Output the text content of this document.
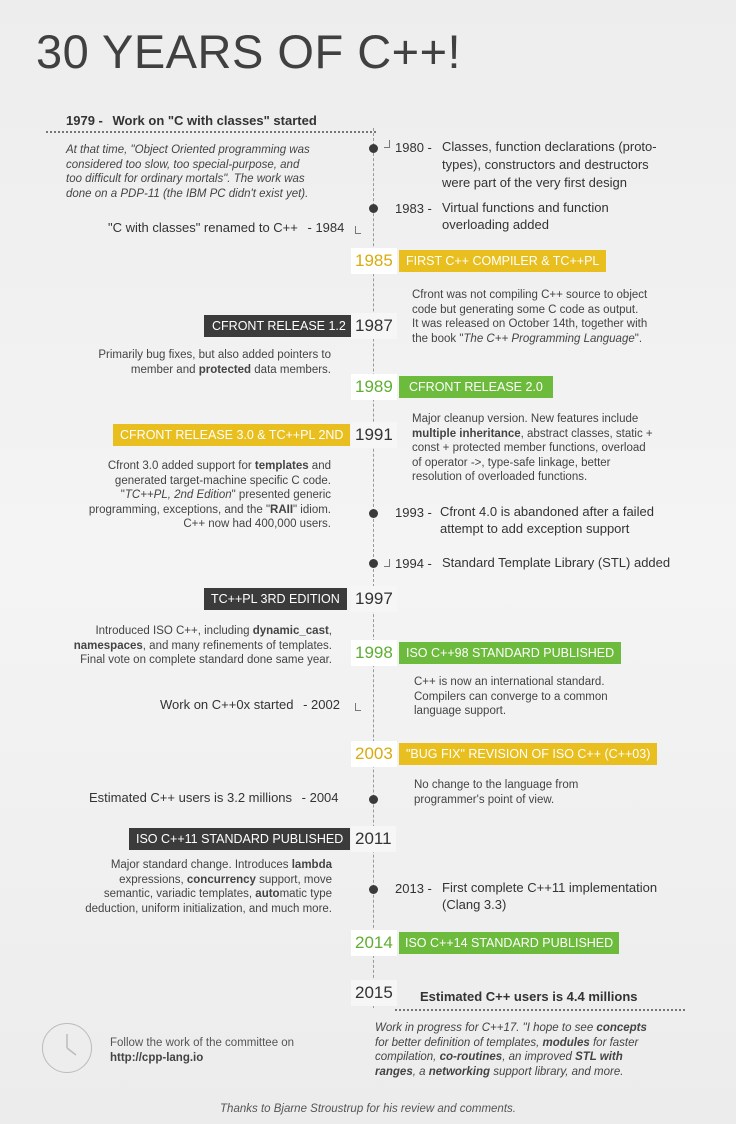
30 YEARS OF C++!
1979 - Work on "C with classes" started
At that time, "Object Oriented programming was
considered too slow, too special-purpose, and
too difficult for ordinary mortals". The work was
done on a PDP-11 (the IBM PC didn't exist yet).
1980 - Classes, function declarations (proto-
types), constructors and destructors
were part of the very first design
1983 - Virtual functions and function
overloading added
"C with classes" renamed to C++ - 1984
1985	FIRST C++ COMPILER & TC++PL
Cfront was not compiling C++ source to object
code but generating some C code as output.
It was released on October 14th, together with
the book "The C++ Programming Language".
CFRONT RELEASE 1.2 1987
Primarily bug fixes, but also added pointers to
member and protected data members.
1989	CFRONT RELEASE 2.0
Major cleanup version. New features include
multiple inheritance, abstract classes, static +
const + protected member functions, overload
of operator ->, type-safe linkage, better
resolution of overloaded functions.
CFRONT RELEASE 3.0 & TC++PL 2ND 1991
Cfront 3.0 added support for templates and
generated target-machine specific C code.
"TC++PL, 2nd Edition" presented generic
programming, exceptions, and the "RAII" idiom.
C++ now had 400,000 users.
1993 - Cfront 4.0 is abandoned after a failed
attempt to add exception support
1994 - Standard Template Library (STL) added
TC++PL 3RD EDITION 1997
Introduced ISO C++, including dynamic_cast,
namespaces, and many refinements of templates.
Final vote on complete standard done same year. 1998	ISO C++98 STANDARD PUBLISHED
C++ is now an international standard.
Compilers can converge to a common
language support.
Work on C++0x started - 2002
2003	"BUG FIX" REVISION OF ISO C++ (C++03)
No change to the language from
programmer's point of view.
Estimated C++ users is 3.2 millions - 2004
ISO C++11 STANDARD PUBLISHED 2011
Major standard change. Introduces lambda
expressions, concurrency support, move
semantic, variadic templates, automatic type
deduction, uniform initialization, and much more.
2013 - First complete C++11 implementation
(Clang 3.3)
2014 ISO C++14 STANDARD PUBLISHED
2015	Estimated C++ users is 4.4 millions
Work in progress for C++17. "I hope to see concepts
for better definition of templates, modules for faster
compilation, co-routines, an improved STL with
ranges, a networking support library, and more.
Follow the work of the committee on
http://cpp-lang.io
Thanks to Bjarne Stroustrup for his review and comments.
